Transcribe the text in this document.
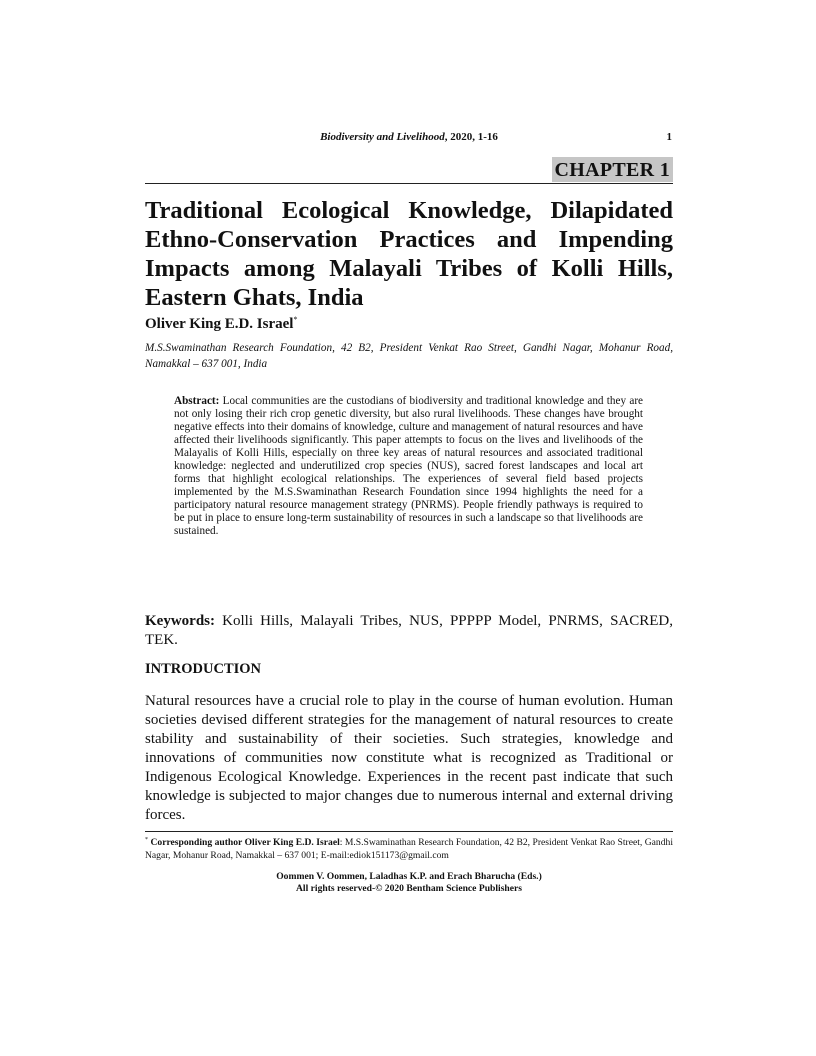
Biodiversity and Livelihood, 2020, 1-16	1
CHAPTER 1
Traditional Ecological Knowledge, Dilapidated Ethno-Conservation Practices and Impending Impacts among Malayali Tribes of Kolli Hills, Eastern Ghats, India
Oliver King E.D. Israel*
M.S.Swaminathan Research Foundation, 42 B2, President Venkat Rao Street, Gandhi Nagar, Mohanur Road, Namakkal – 637 001, India
Abstract: Local communities are the custodians of biodiversity and traditional knowledge and they are not only losing their rich crop genetic diversity, but also rural livelihoods. These changes have brought negative effects into their domains of knowledge, culture and management of natural resources and have affected their livelihoods significantly. This paper attempts to focus on the lives and livelihoods of the Malayalis of Kolli Hills, especially on three key areas of natural resources and associated traditional knowledge: neglected and underutilized crop species (NUS), sacred forest landscapes and local art forms that highlight ecological relationships. The experiences of several field based projects implemented by the M.S.Swaminathan Research Foundation since 1994 highlights the need for a participatory natural resource management strategy (PNRMS). People friendly pathways is required to be put in place to ensure long-term sustainability of resources in such a landscape so that livelihoods are sustained.
Keywords: Kolli Hills, Malayali Tribes, NUS, PPPPP Model, PNRMS, SACRED, TEK.
INTRODUCTION
Natural resources have a crucial role to play in the course of human evolution. Human societies devised different strategies for the management of natural resources to create stability and sustainability of their societies. Such strategies, knowledge and innovations of communities now constitute what is recognized as Traditional or Indigenous Ecological Knowledge. Experiences in the recent past indicate that such knowledge is subjected to major changes due to numerous internal and external driving forces.
* Corresponding author Oliver King E.D. Israel: M.S.Swaminathan Research Foundation, 42 B2, President Venkat Rao Street, Gandhi Nagar, Mohanur Road, Namakkal – 637 001; E-mail:ediok151173@gmail.com
Oommen V. Oommen, Laladhas K.P. and Erach Bharucha (Eds.)
All rights reserved-© 2020 Bentham Science Publishers
